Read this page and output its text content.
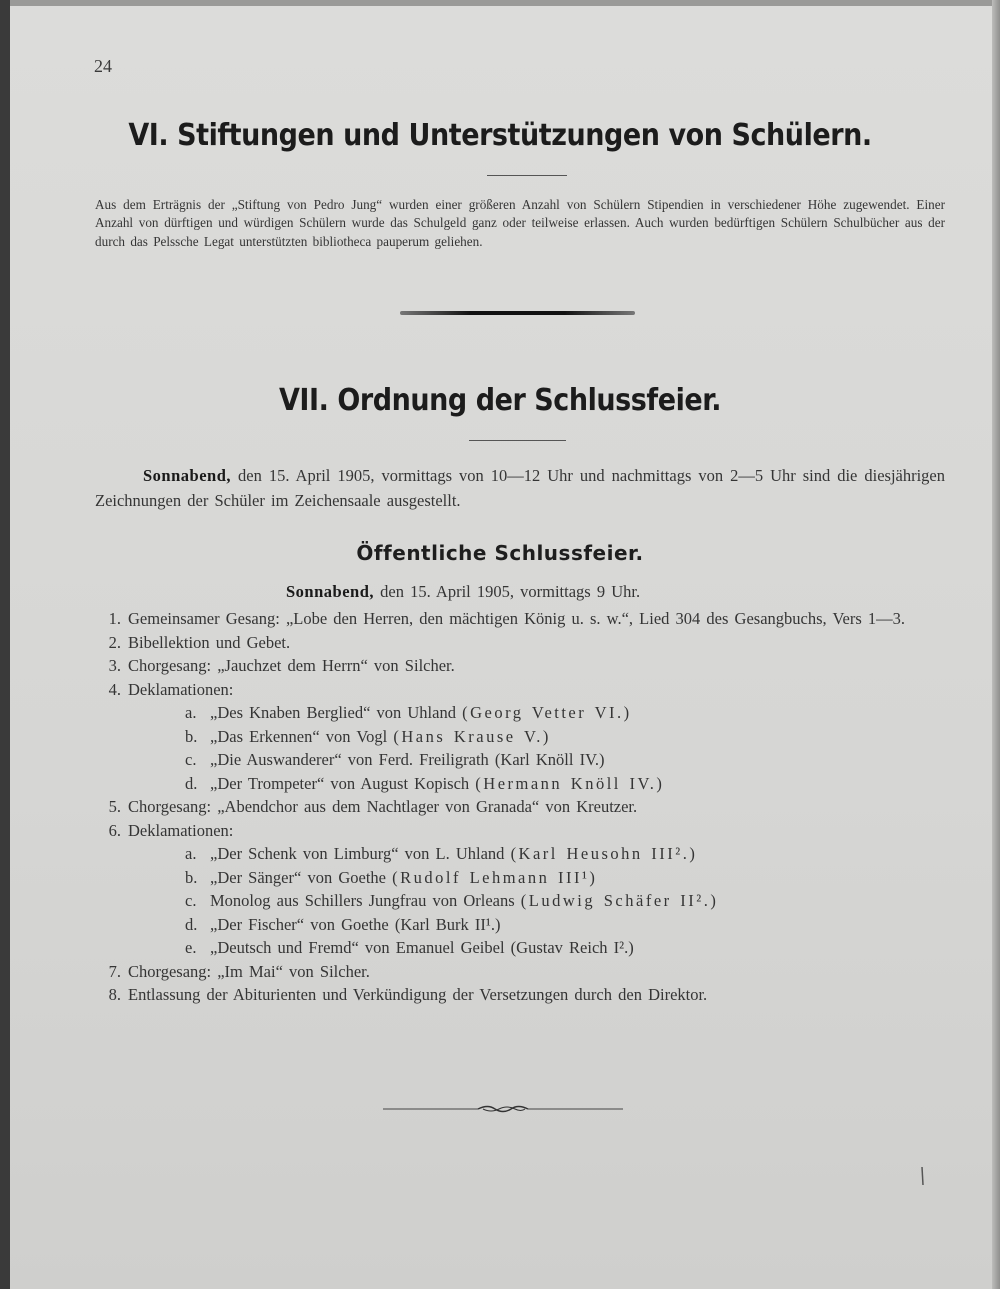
24
VI. Stiftungen und Unterstützungen von Schülern.
Aus dem Erträgnis der „Stiftung von Pedro Jung“ wurden einer größeren Anzahl von Schülern Stipendien in verschiedener Höhe zugewendet. Einer Anzahl von dürftigen und würdigen Schülern wurde das Schulgeld ganz oder teilweise erlassen. Auch wurden bedürftigen Schülern Schulbücher aus der durch das Pelssche Legat unterstützten bibliotheca pauperum geliehen.
VII. Ordnung der Schlussfeier.
Sonnabend, den 15. April 1905, vormittags von 10—12 Uhr und nachmittags von 2—5 Uhr sind die diesjährigen Zeichnungen der Schüler im Zeichensaale ausgestellt.
Öffentliche Schlussfeier.
Sonnabend, den 15. April 1905, vormittags 9 Uhr.
1. Gemeinsamer Gesang: „Lobe den Herren, den mächtigen König u. s. w.“, Lied 304 des Gesangbuchs, Vers 1—3.
2. Bibellektion und Gebet.
3. Chorgesang: „Jauchzet dem Herrn“ von Silcher.
4. Deklamationen:
a. „Des Knaben Berglied“ von Uhland (Georg Vetter VI.)
b. „Das Erkennen“ von Vogl (Hans Krause V.)
c. „Die Auswanderer“ von Ferd. Freiligrath (Karl Knöll IV.)
d. „Der Trompeter“ von August Kopisch (Hermann Knöll IV.)
5. Chorgesang: „Abendchor aus dem Nachtlager von Granada“ von Kreutzer.
6. Deklamationen:
a. „Der Schenk von Limburg“ von L. Uhland (Karl Heusohn III².)
b. „Der Sänger“ von Goethe (Rudolf Lehmann III¹)
c. Monolog aus Schillers Jungfrau von Orleans (Ludwig Schäfer II².)
d. „Der Fischer“ von Goethe (Karl Burk II¹.)
e. „Deutsch und Fremd“ von Emanuel Geibel (Gustav Reich I².)
7. Chorgesang: „Im Mai“ von Silcher.
8. Entlassung der Abiturienten und Verkündigung der Versetzungen durch den Direktor.
